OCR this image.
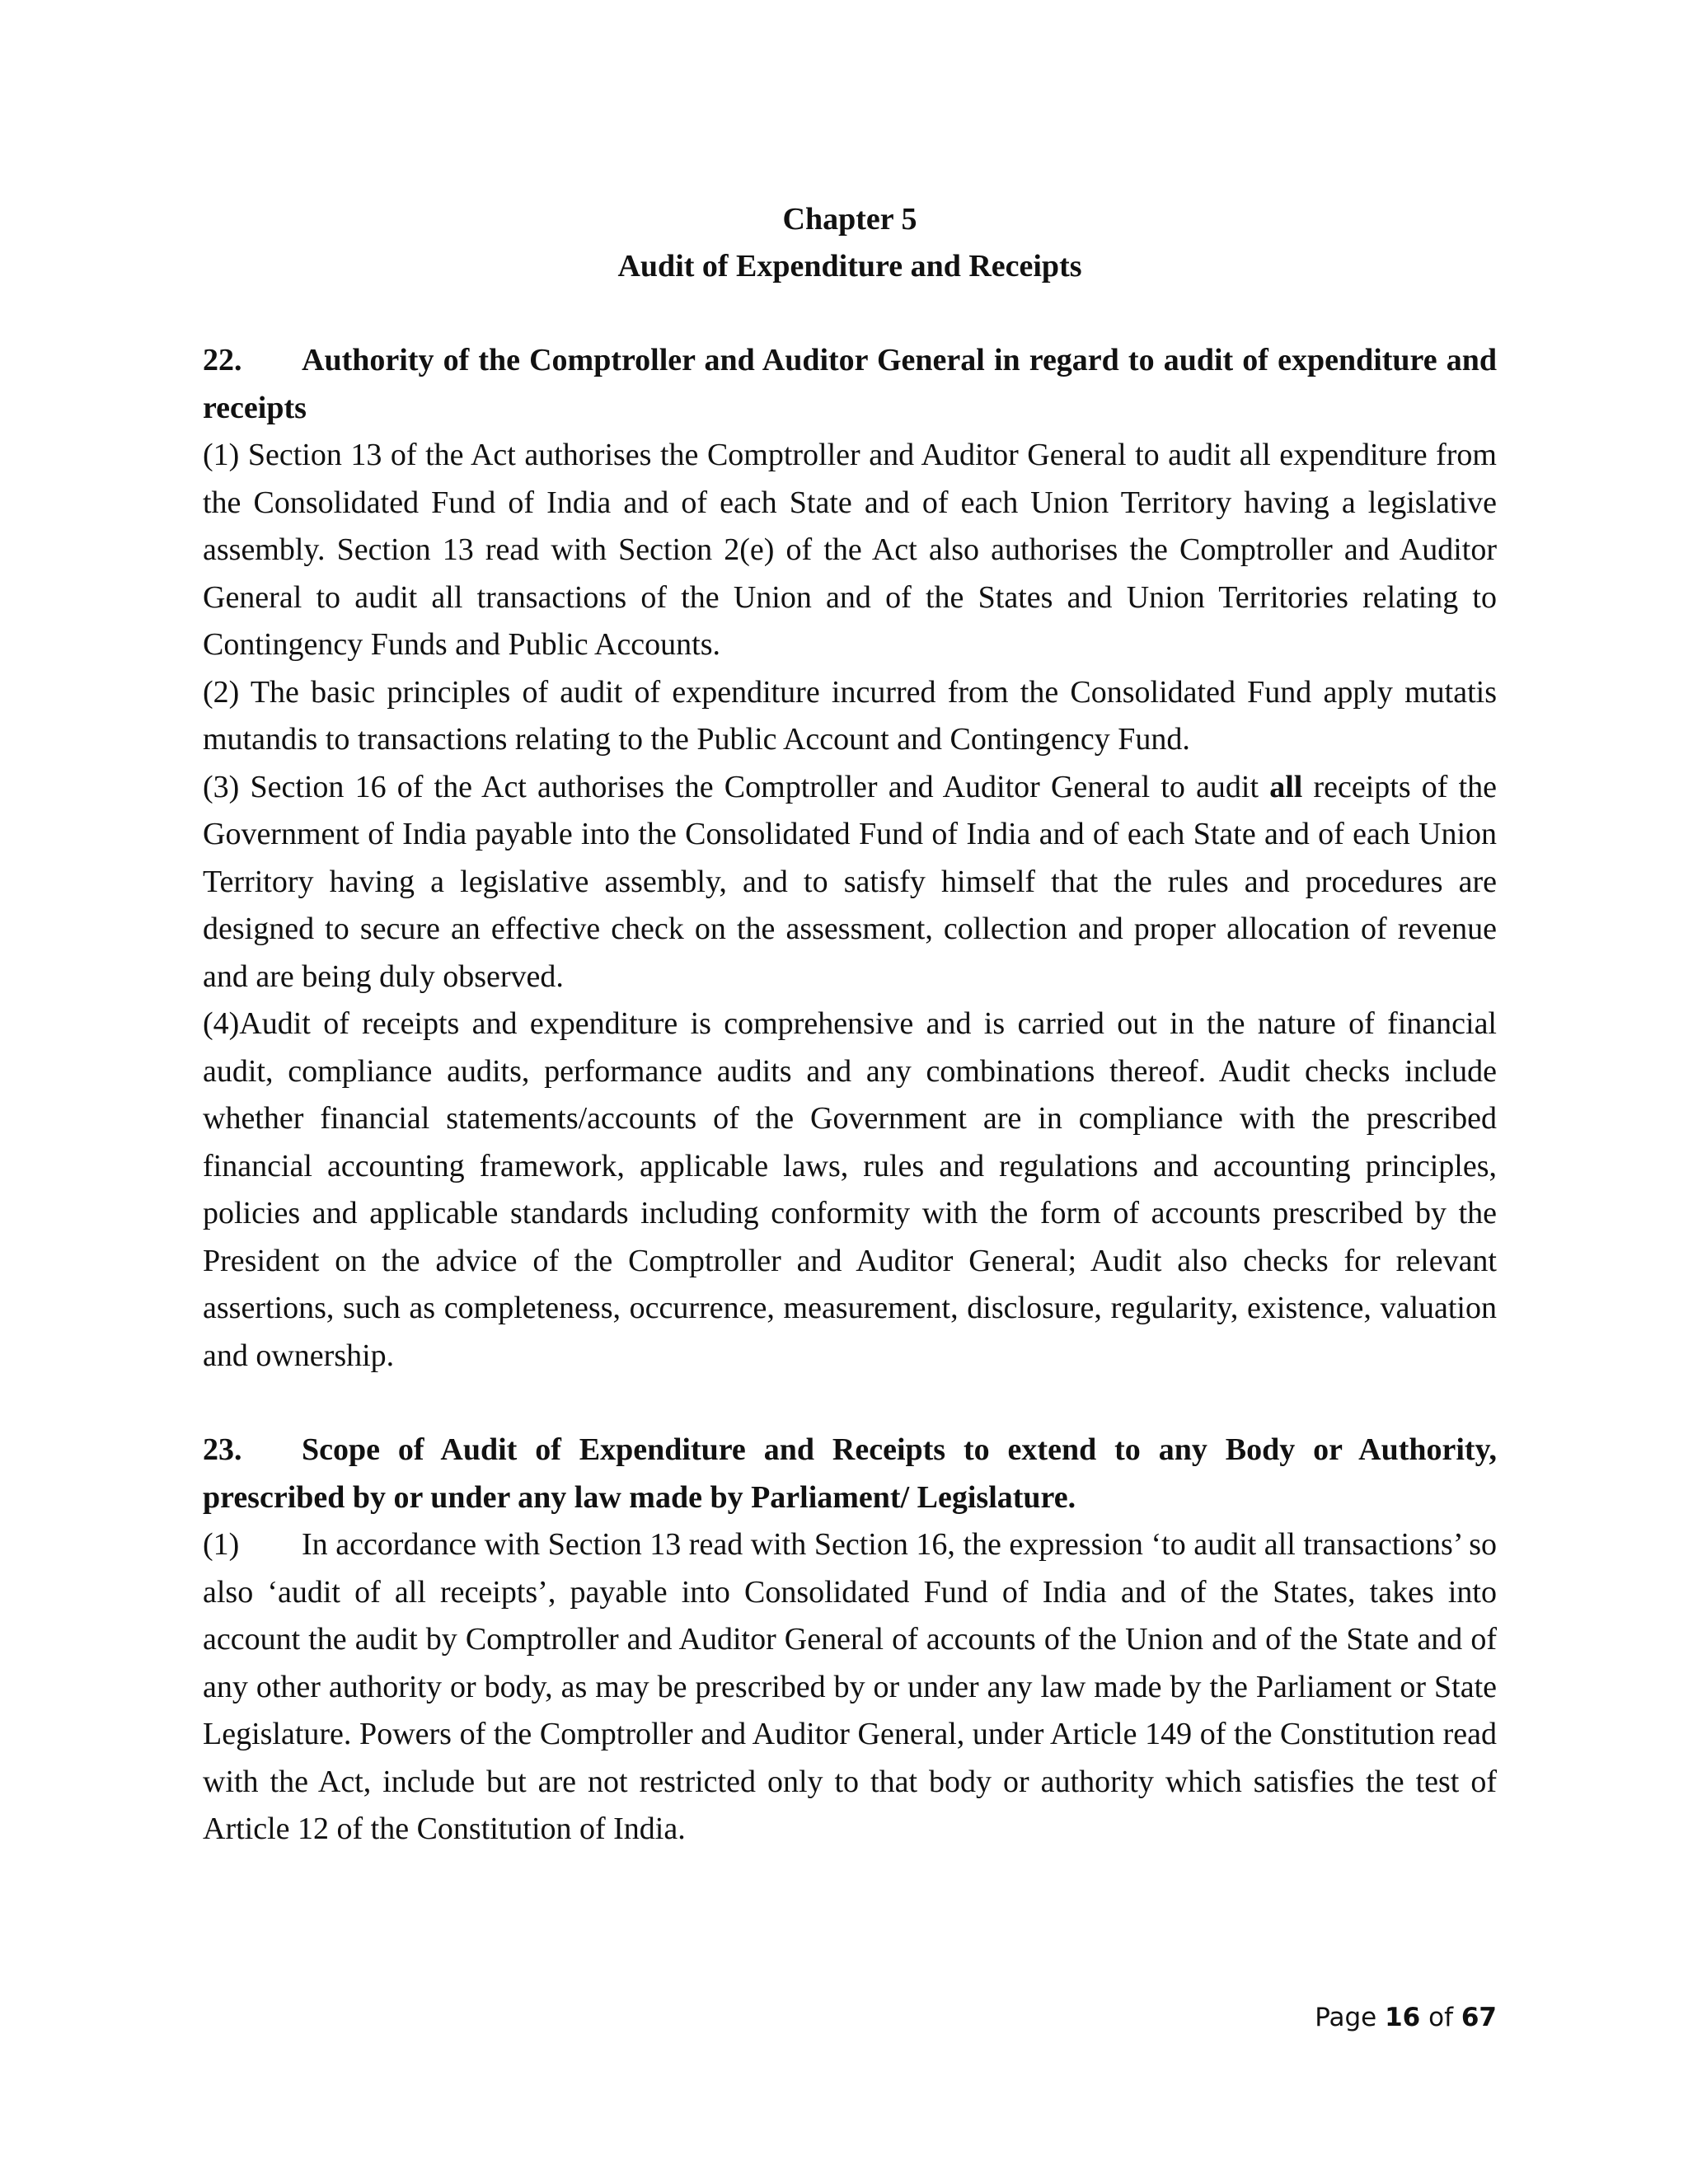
Chapter 5

Audit of Expenditure and Receipts

22. Authority of the Comptroller and Auditor General in regard to audit of expenditure and receipts

(1) Section 13 of the Act authorises the Comptroller and Auditor General to audit all expenditure from the Consolidated Fund of India and of each State and of each Union Territory having a legislative assembly. Section 13 read with Section 2(e) of the Act also authorises the Comptroller and Auditor General to audit all transactions of the Union and of the States and Union Territories relating to Contingency Funds and Public Accounts.

(2) The basic principles of audit of expenditure incurred from the Consolidated Fund apply mutatis mutandis to transactions relating to the Public Account and Contingency Fund.

(3) Section 16 of the Act authorises the Comptroller and Auditor General to audit all receipts of the Government of India payable into the Consolidated Fund of India and of each State and of each Union Territory having a legislative assembly, and to satisfy himself that the rules and procedures are designed to secure an effective check on the assessment, collection and proper allocation of revenue and are being duly observed.

(4)Audit of receipts and expenditure is comprehensive and is carried out in the nature of financial audit, compliance audits, performance audits and any combinations thereof. Audit checks include whether financial statements/accounts of the Government are in compliance with the prescribed financial accounting framework, applicable laws, rules and regulations and accounting principles, policies and applicable standards including conformity with the form of accounts prescribed by the President on the advice of the Comptroller and Auditor General; Audit also checks for relevant assertions, such as completeness, occurrence, measurement, disclosure, regularity, existence, valuation and ownership.

23. Scope of Audit of Expenditure and Receipts to extend to any Body or Authority, prescribed by or under any law made by Parliament/ Legislature.

(1) In accordance with Section 13 read with Section 16, the expression ‘to audit all transactions’ so also ‘audit of all receipts’, payable into Consolidated Fund of India and of the States, takes into account the audit by Comptroller and Auditor General of accounts of the Union and of the State and of any other authority or body, as may be prescribed by or under any law made by the Parliament or State Legislature. Powers of the Comptroller and Auditor General, under Article 149 of the Constitution read with the Act, include but are not restricted only to that body or authority which satisfies the test of Article 12 of the Constitution of India.

Page 16 of 67
